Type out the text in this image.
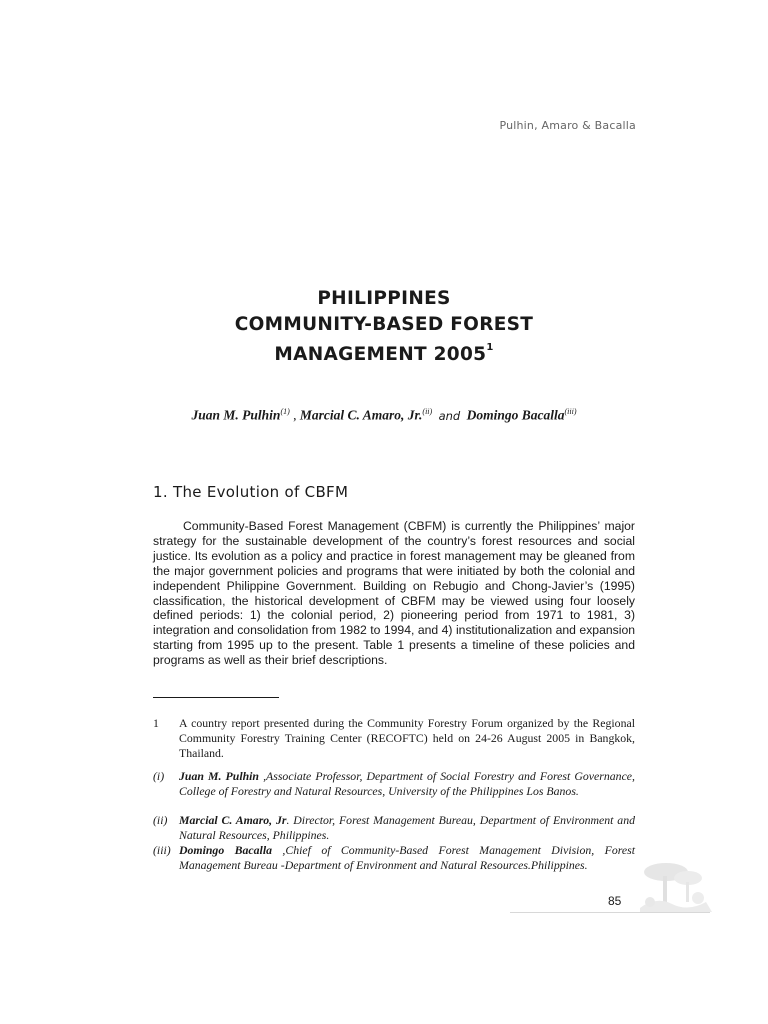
Pulhin, Amaro & Bacalla
PHILIPPINES
COMMUNITY-BASED FOREST
MANAGEMENT 2005$^1$
Juan M. Pulhin$^{(1)}$ , Marcial C. Amaro, Jr.$^{(ii)}$ and Domingo Bacalla$^{(iii)}$
1. The Evolution of CBFM

Community-Based Forest Management (CBFM) is currently the Philippines’ major strategy for the sustainable development of the country’s forest resources and social justice. Its evolution as a policy and practice in forest management may be gleaned from the major government policies and programs that were initiated by both the colonial and independent Philippine Government. Building on Rebugio and Chong-Javier’s (1995) classification, the historical development of CBFM may be viewed using four loosely defined periods: 1) the colonial period, 2) pioneering period from 1971 to 1981, 3) integration and consolidation from 1982 to 1994, and 4) institutionalization and expansion starting from 1995 up to the present. Table 1 presents a timeline of these policies and programs as well as their brief descriptions.

1 A country report presented during the Community Forestry Forum organized by the Regional Community Forestry Training Center (RECOFTC) held on 24-26 August 2005 in Bangkok, Thailand.
(i) Juan M. Pulhin ,Associate Professor, Department of Social Forestry and Forest Governance, College of Forestry and Natural Resources, University of the Philippines Los Banos.
(ii) Marcial C. Amaro, Jr. Director, Forest Management Bureau, Department of Environment and Natural Resources, Philippines.
(iii) Domingo Bacalla ,Chief of Community-Based Forest Management Division, Forest Management Bureau -Department of Environment and Natural Resources.Philippines.
85
